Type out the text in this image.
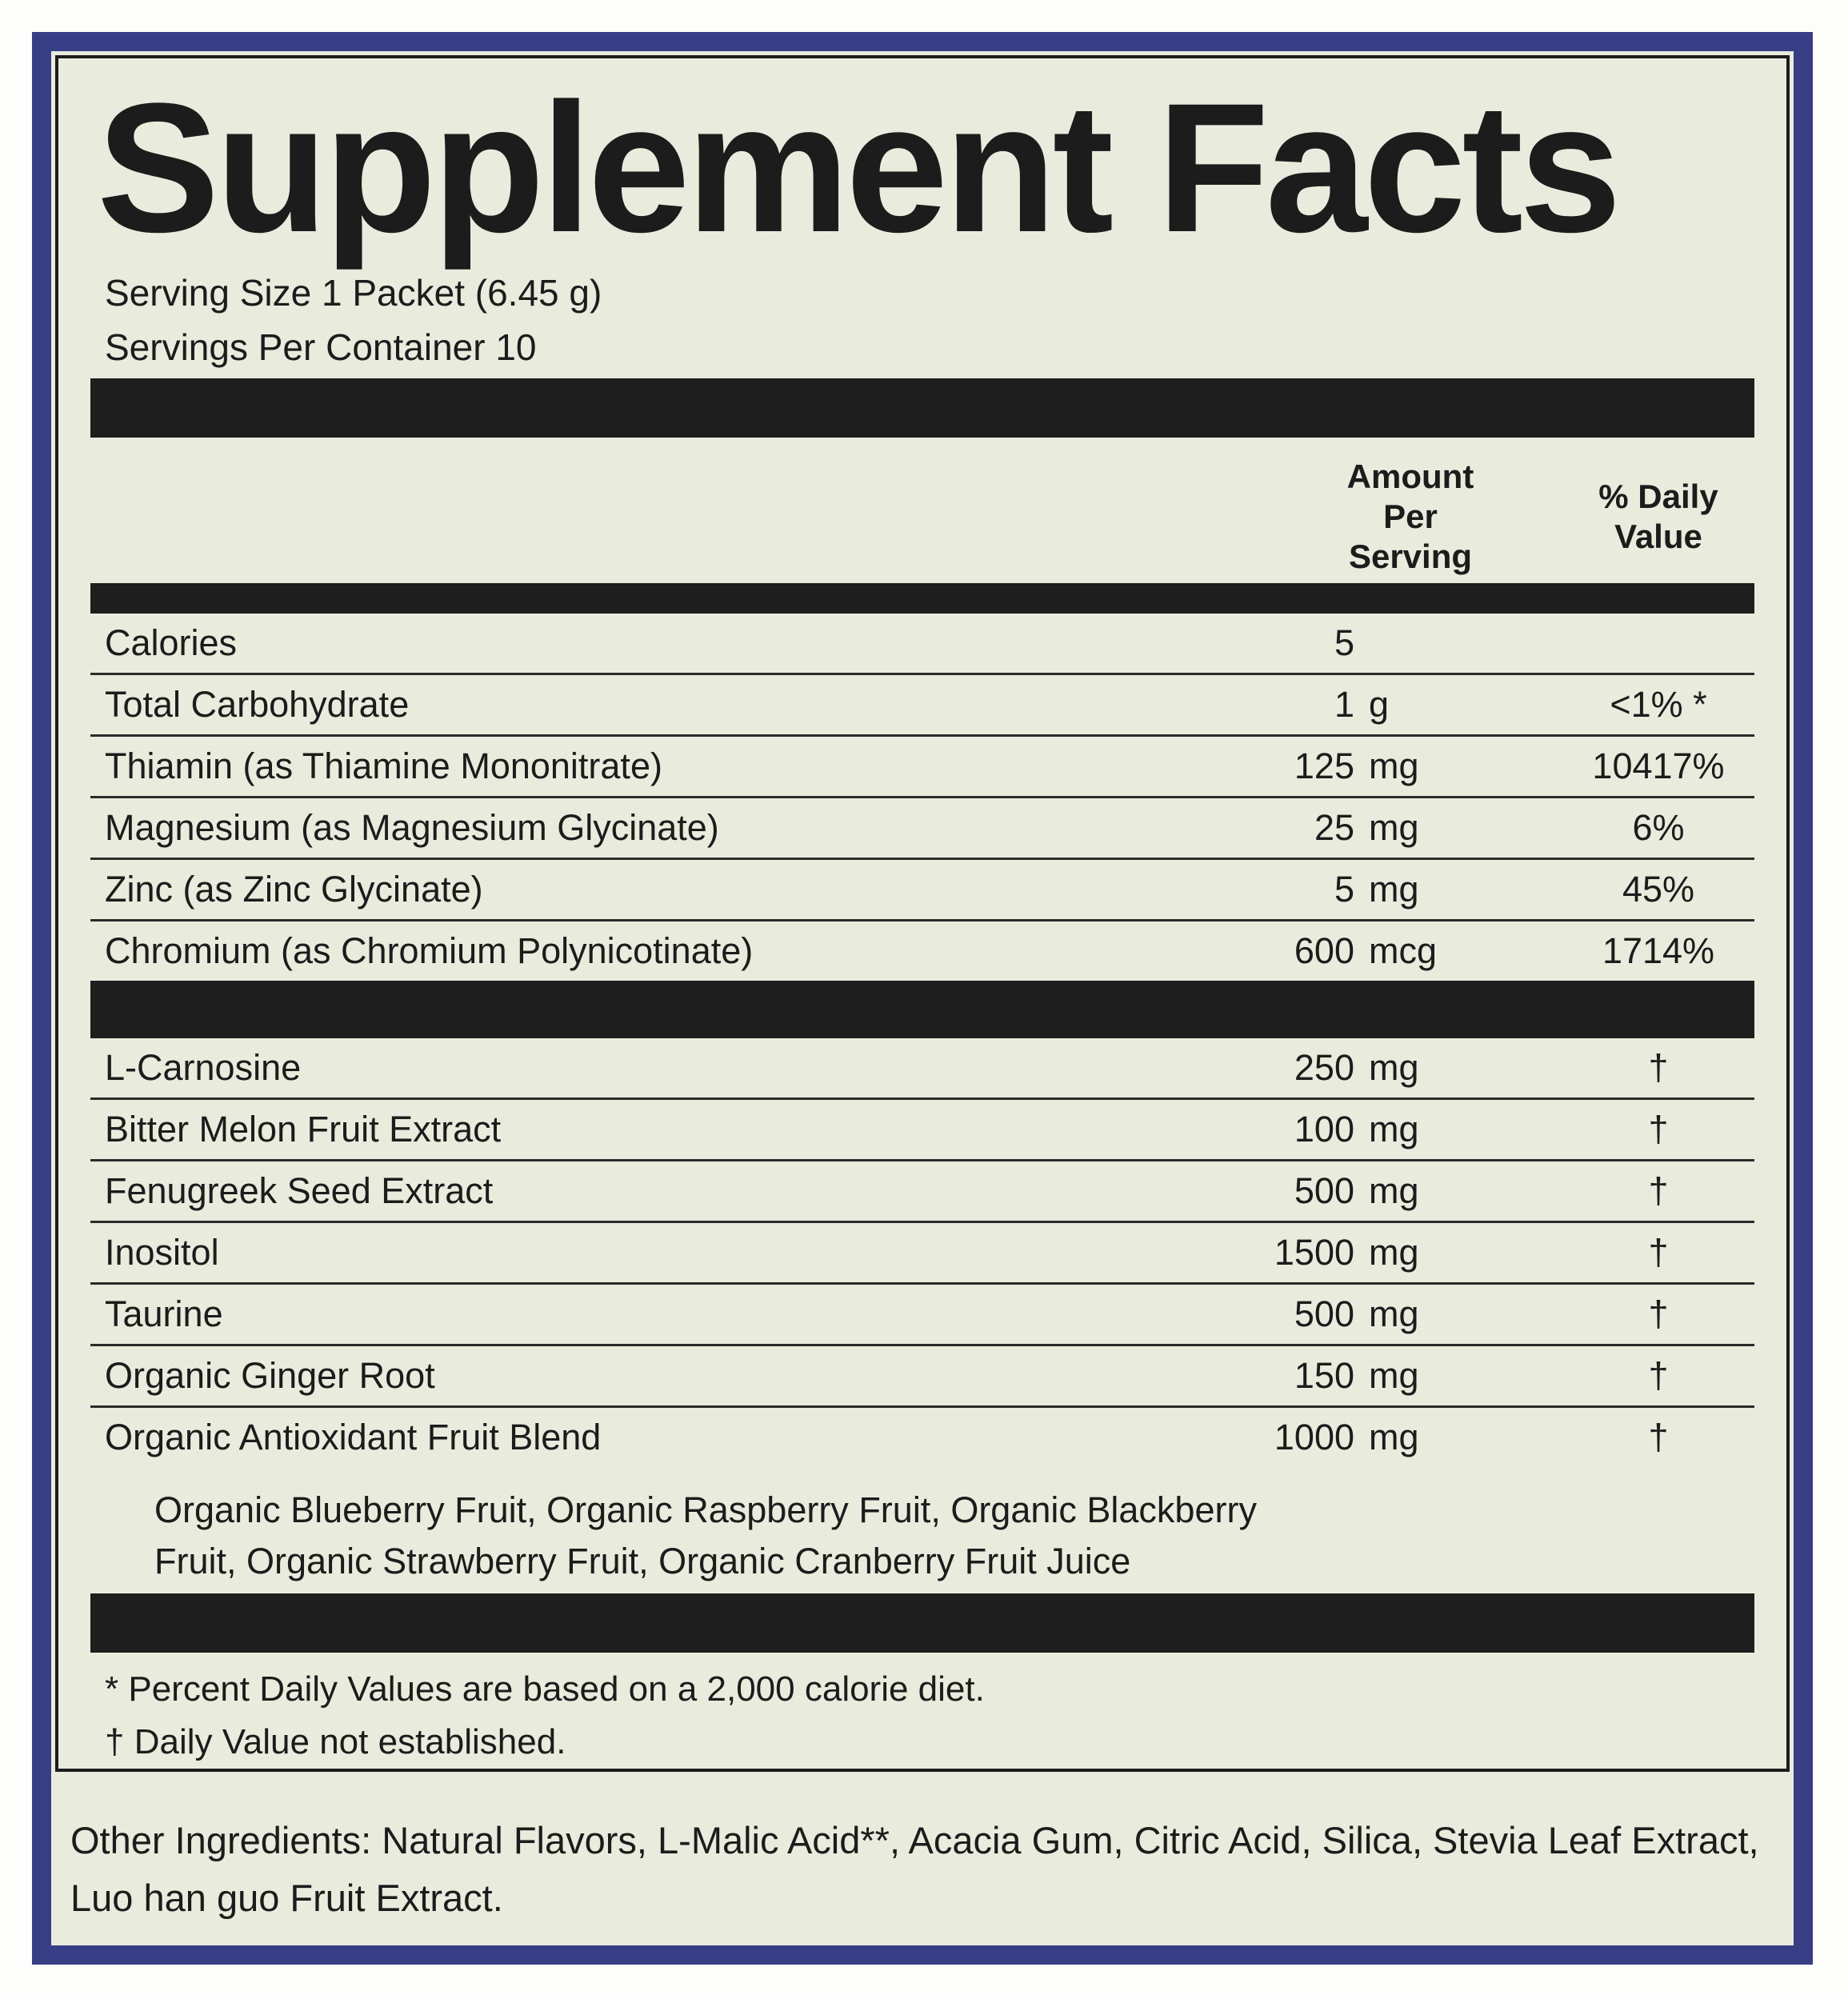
Supplement Facts
Serving Size 1 Packet (6.45 g)
Servings Per Container 10
Amount Per Serving
% Daily Value
Calories	5
Total Carbohydrate	1 g	<1% *
Thiamin (as Thiamine Mononitrate)	125 mg	10417%
Magnesium (as Magnesium Glycinate)	25 mg	6%
Zinc (as Zinc Glycinate)	5 mg	45%
Chromium (as Chromium Polynicotinate)	600 mcg	1714%
L-Carnosine	250 mg	†
Bitter Melon Fruit Extract	100 mg	†
Fenugreek Seed Extract	500 mg	†
Inositol	1500 mg	†
Taurine	500 mg	†
Organic Ginger Root	150 mg	†
Organic Antioxidant Fruit Blend	1000 mg	†
Organic Blueberry Fruit, Organic Raspberry Fruit, Organic Blackberry Fruit, Organic Strawberry Fruit, Organic Cranberry Fruit Juice
* Percent Daily Values are based on a 2,000 calorie diet.
† Daily Value not established.
Other Ingredients: Natural Flavors, L-Malic Acid**, Acacia Gum, Citric Acid, Silica, Stevia Leaf Extract, Luo han guo Fruit Extract.
